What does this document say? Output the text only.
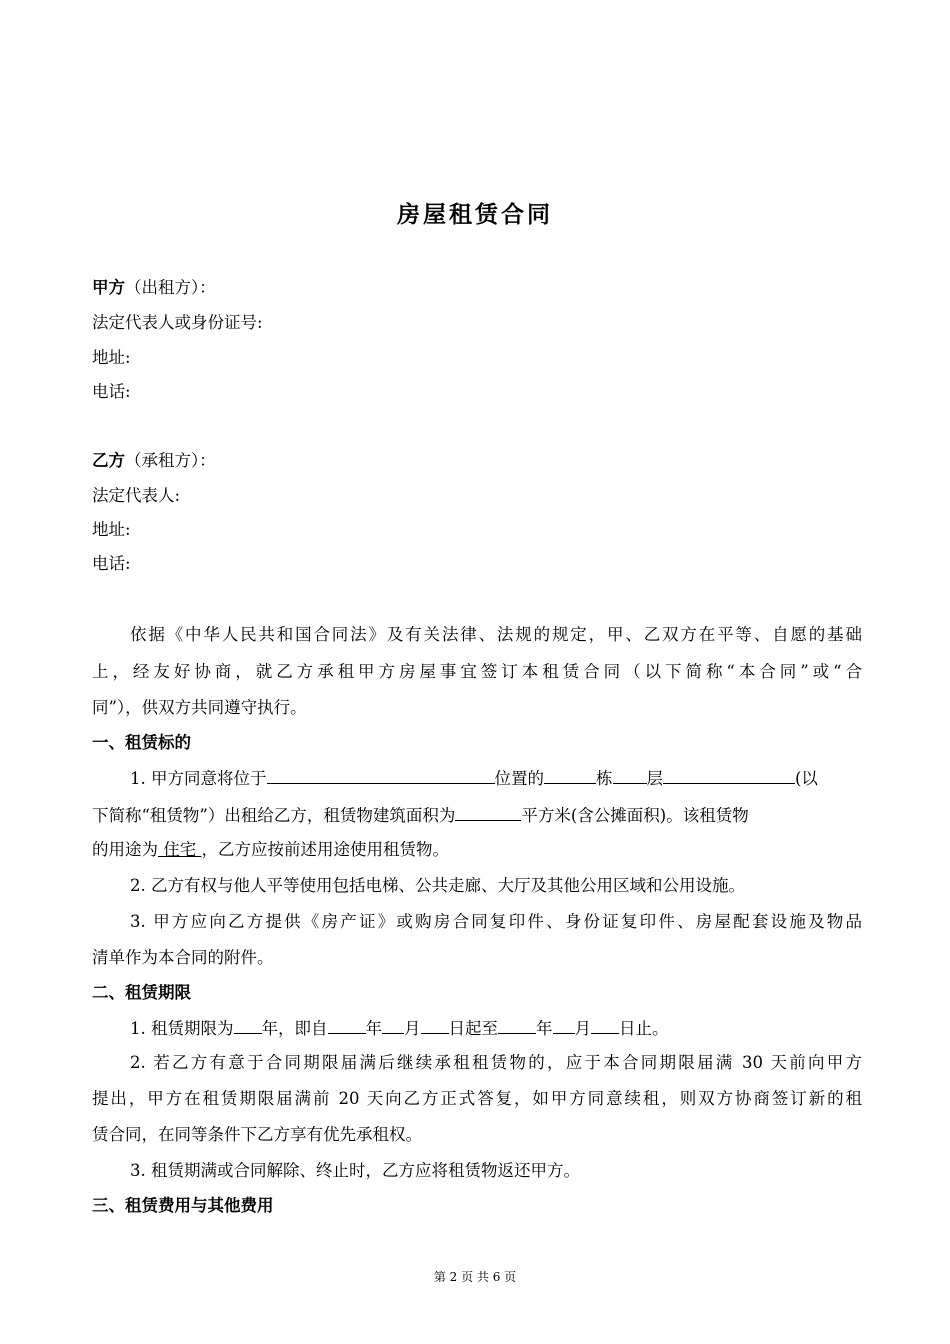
房屋租赁合同
甲方（出租方）：
法定代表人或身份证号:
地址:
电话:
乙方（承租方）：
法定代表人:
地址:
电话:
依据《中华人民共和国合同法》及有关法律、法规的规定，甲、乙双方在平等、自愿的基础
上，经友好协商，就乙方承租甲方房屋事宜签订本租赁合同（以下简称“本合同”或“合
同”），供双方共同遵守执行。
一、租赁标的
1. 甲方同意将位于	位置的	栋 层	(以
下简称“租赁物”）出租给乙方，租赁物建筑面积为	平方米(含公摊面积)。该租赁物
的用途为 住宅 ，乙方应按前述用途使用租赁物。
2. 乙方有权与他人平等使用包括电梯、公共走廊、大厅及其他公用区域和公用设施。
3. 甲方应向乙方提供《房产证》或购房合同复印件、身份证复印件、房屋配套设施及物品
清单作为本合同的附件。
二、租赁期限
1. 租赁期限为 年，即自 年 月 日起至 年 月 日止。
2. 若乙方有意于合同期限届满后继续承租租赁物的，应于本合同期限届满 30 天前向甲方
提出，甲方在租赁期限届满前 20 天向乙方正式答复，如甲方同意续租，则双方协商签订新的租
赁合同，在同等条件下乙方享有优先承租权。
3. 租赁期满或合同解除、终止时，乙方应将租赁物返还甲方。
三、租赁费用与其他费用
第 2 页 共 6 页
